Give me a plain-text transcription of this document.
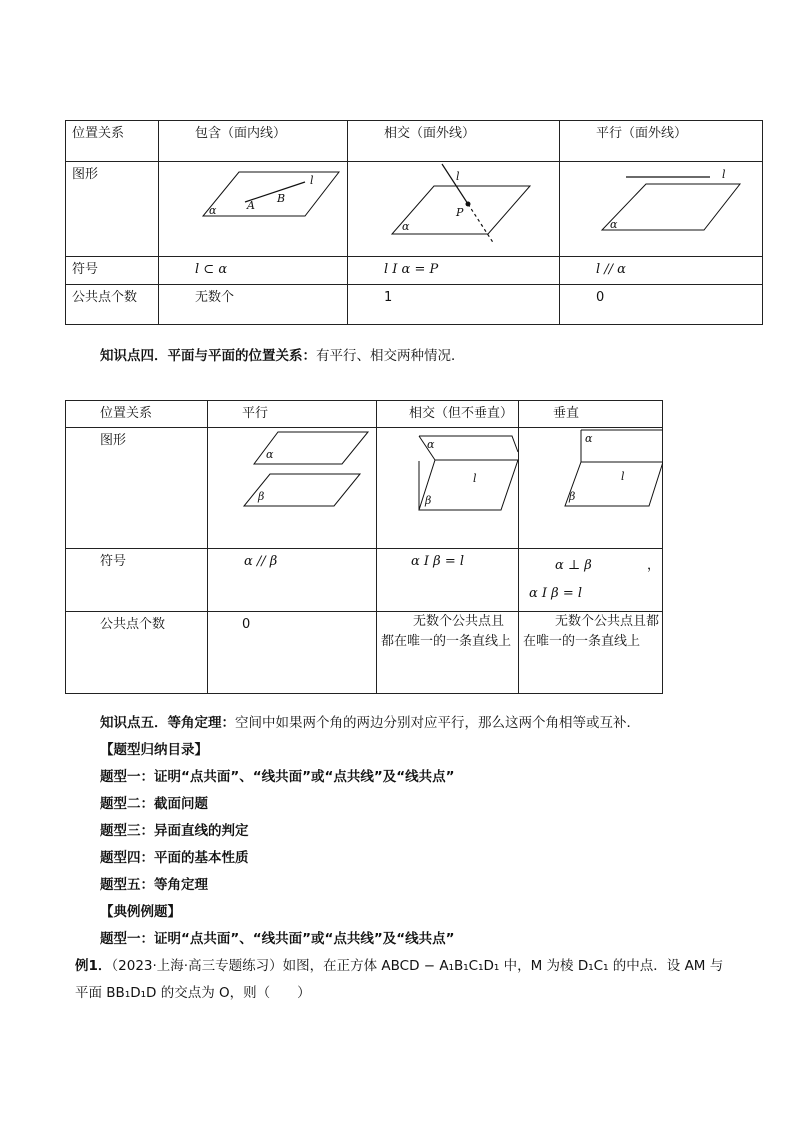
位置关系	包含（面内线）	相交（面外线）	平行（面外线）
图形	l
B
A
α	l
P
α	l
α

符号	l ⊂ α	l I α = P	l // α
公共点个数	无数个	1	0
知识点四．平面与平面的位置关系：有平行、相交两种情况．
位置关系	平行	相交（但不垂直）	垂直
图形	α
β	α
l
β	α
l
β

符号	α // β	α I β = l	α ⊥ β ，
α I β = l

公共点个数	0	无数个公共点且都在唯一的一条直线上	无数个公共点且都在唯一的一条直线上
知识点五．等角定理：空间中如果两个角的两边分别对应平行，那么这两个角相等或互补．
【题型归纳目录】
题型一：证明“点共面”、“线共面”或“点共线”及“线共点”
题型二：截面问题
题型三：异面直线的判定
题型四：平面的基本性质
题型五：等角定理
【典例例题】
题型一：证明“点共面”、“线共面”或“点共线”及“线共点”
例1．（2023·上海·高三专题练习）如图，在正方体 ABCD − A₁B₁C₁D₁ 中，M 为棱 D₁C₁ 的中点．设 AM 与
平面 BB₁D₁D 的交点为 O，则（　　）
